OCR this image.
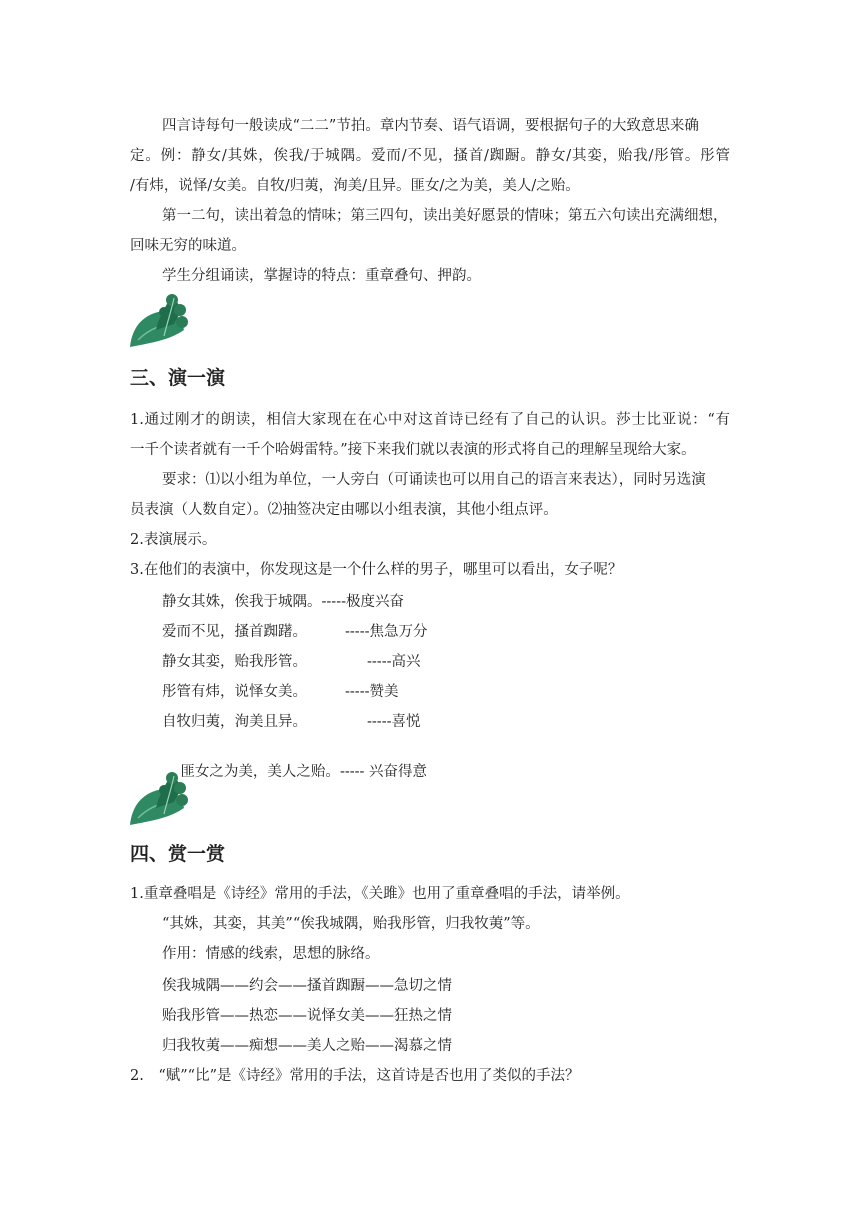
四言诗每句一般读成“二二”节拍。章内节奏、语气语调，要根据句子的大致意思来确
定。例：静女/其姝，俟我/于城隅。爱而/不见，搔首/踟蹰。静女/其娈，贻我/彤管。彤管
/有炜，说怿/女美。自牧/归荑，洵美/且异。匪女/之为美，美人/之贻。
第一二句，读出着急的情味；第三四句，读出美好愿景的情味；第五六句读出充满细想，
回味无穷的味道。
学生分组诵读，掌握诗的特点：重章叠句、押韵。
三、演一演
1.通过刚才的朗读，相信大家现在在心中对这首诗已经有了自己的认识。莎士比亚说：“有
一千个读者就有一千个哈姆雷特。”接下来我们就以表演的形式将自己的理解呈现给大家。
要求：⑴以小组为单位，一人旁白（可诵读也可以用自己的语言来表达），同时另选演
员表演（人数自定）。⑵抽签决定由哪以小组表演，其他小组点评。
2.表演展示。
3.在他们的表演中，你发现这是一个什么样的男子，哪里可以看出，女子呢？
静女其姝，俟我于城隅。-----极度兴奋
爱而不见，搔首踟躇。	-----焦急万分
静女其娈，贻我彤管。	-----高兴
彤管有炜，说怿女美。	-----赞美
自牧归荑，洵美且异。	-----喜悦

匪女之为美，美人之贻。----- 兴奋得意

四、赏一赏
1.重章叠唱是《诗经》常用的手法，《关雎》也用了重章叠唱的手法，请举例。
“其姝，其娈，其美”“俟我城隅，贻我彤管，归我牧荑”等。
作用：情感的线索，思想的脉络。
俟我城隅——约会——搔首踟蹰——急切之情
贻我彤管——热恋——说怿女美——狂热之情
归我牧荑——痴想——美人之贻——渴慕之情
2.　“赋”“比”是《诗经》常用的手法，这首诗是否也用了类似的手法？
